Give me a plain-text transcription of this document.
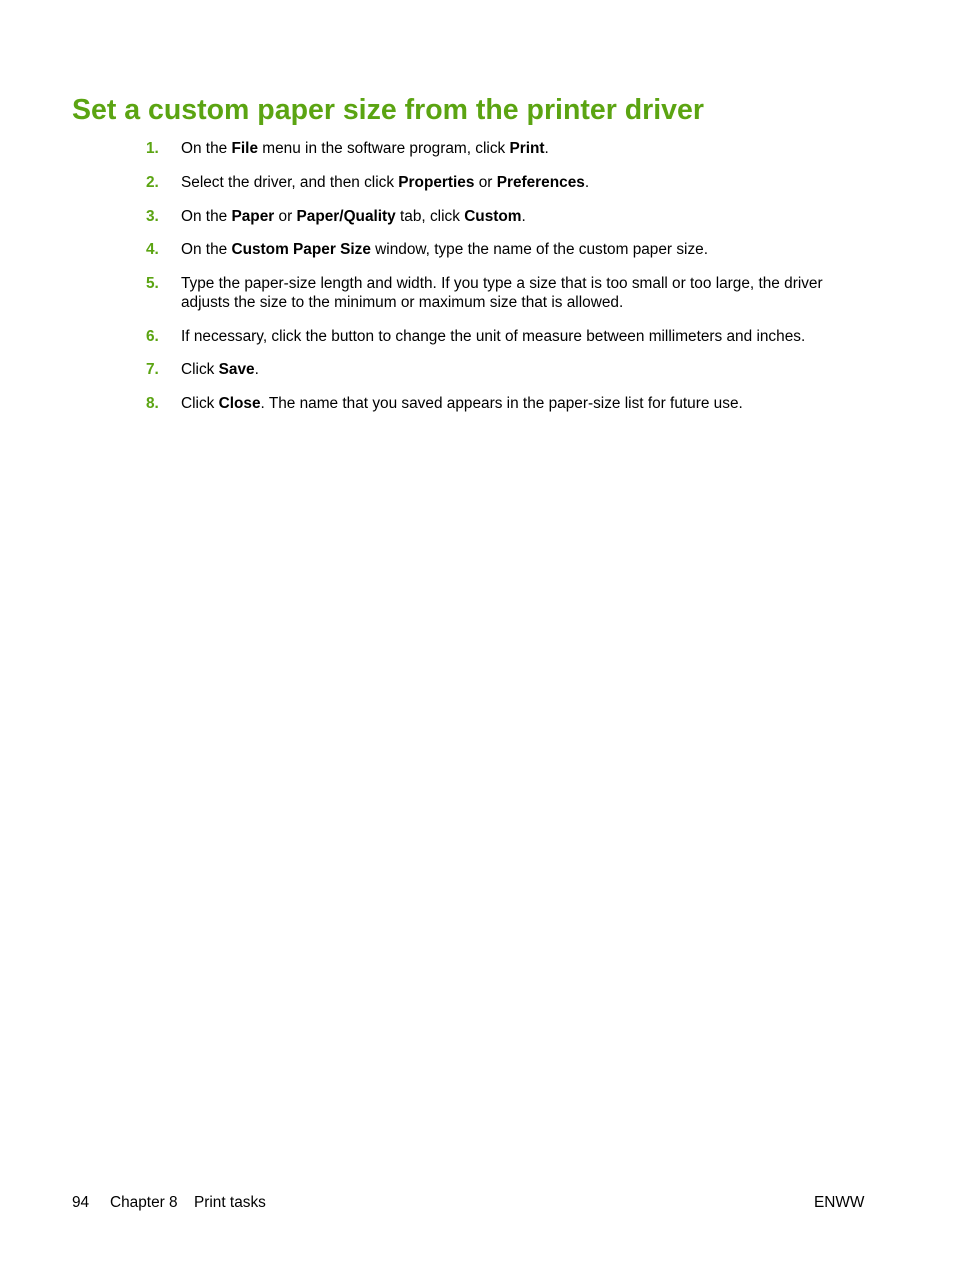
Set a custom paper size from the printer driver
1. On the File menu in the software program, click Print.
2. Select the driver, and then click Properties or Preferences.
3. On the Paper or Paper/Quality tab, click Custom.
4. On the Custom Paper Size window, type the name of the custom paper size.
5. Type the paper-size length and width. If you type a size that is too small or too large, the driver adjusts the size to the minimum or maximum size that is allowed.
6. If necessary, click the button to change the unit of measure between millimeters and inches.
7. Click Save.
8. Click Close. The name that you saved appears in the paper-size list for future use.
94 Chapter 8 Print tasks	ENWW
